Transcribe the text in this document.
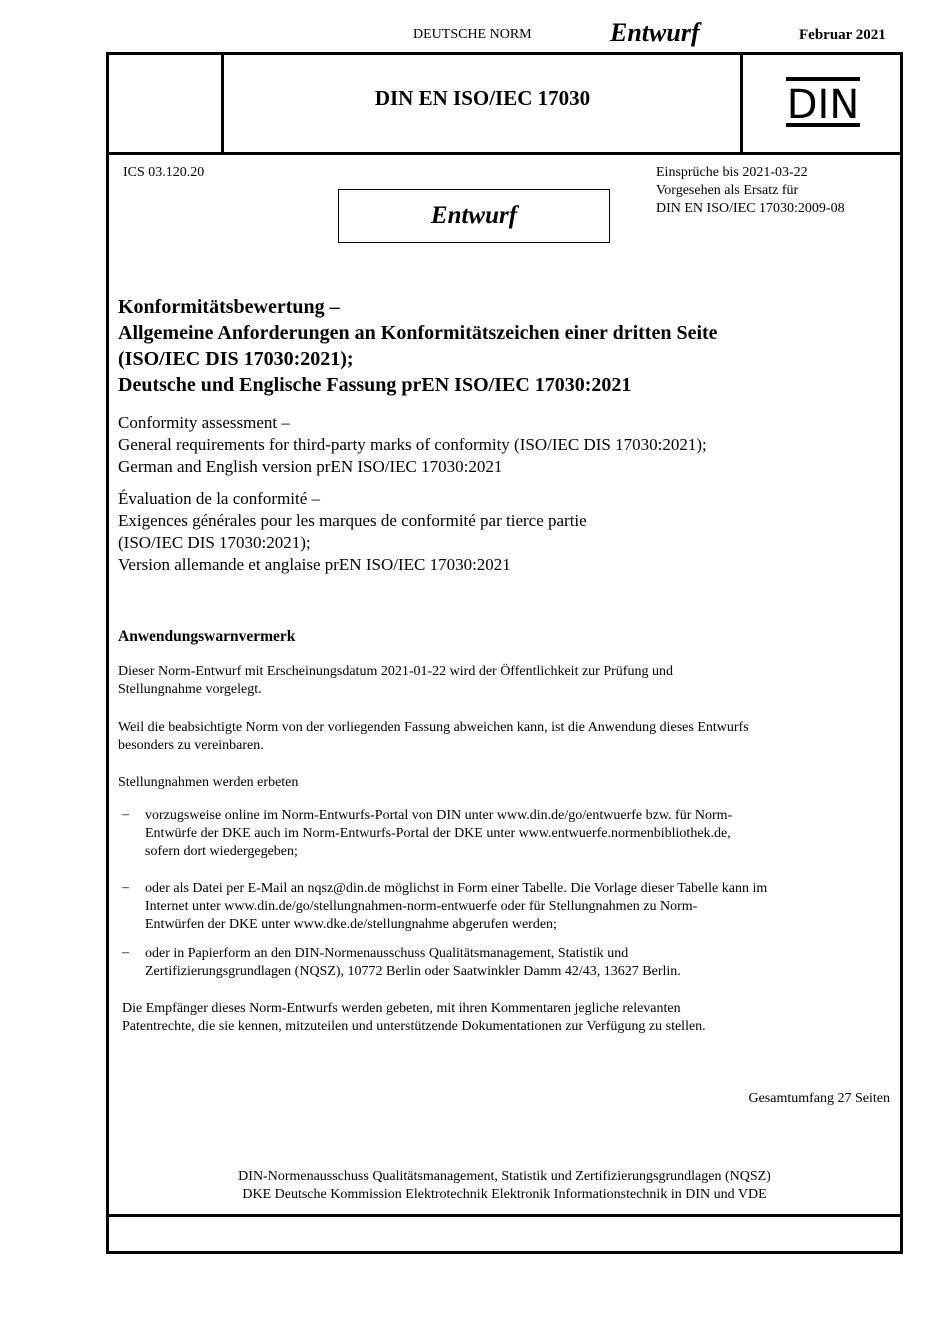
DEUTSCHE NORM	Entwurf	Februar 2021
DIN EN ISO/IEC 17030	DIN
ICS 03.120.20
Entwurf
Einsprüche bis 2021-03-22
Vorgesehen als Ersatz für
DIN EN ISO/IEC 17030:2009-08
Konformitätsbewertung –
Allgemeine Anforderungen an Konformitätszeichen einer dritten Seite
(ISO/IEC DIS 17030:2021);
Deutsche und Englische Fassung prEN ISO/IEC 17030:2021
Conformity assessment –
General requirements for third-party marks of conformity (ISO/IEC DIS 17030:2021);
German and English version prEN ISO/IEC 17030:2021
Évaluation de la conformité –
Exigences générales pour les marques de conformité par tierce partie
(ISO/IEC DIS 17030:2021);
Version allemande et anglaise prEN ISO/IEC 17030:2021
Anwendungswarnvermerk
Dieser Norm-Entwurf mit Erscheinungsdatum 2021-01-22 wird der Öffentlichkeit zur Prüfung und
Stellungnahme vorgelegt.
Weil die beabsichtigte Norm von der vorliegenden Fassung abweichen kann, ist die Anwendung dieses Entwurfs
besonders zu vereinbaren.
Stellungnahmen werden erbeten
– vorzugsweise online im Norm-Entwurfs-Portal von DIN unter www.din.de/go/entwuerfe bzw. für Norm-
Entwürfe der DKE auch im Norm-Entwurfs-Portal der DKE unter www.entwuerfe.normenbibliothek.de,
sofern dort wiedergegeben;
– oder als Datei per E-Mail an nqsz@din.de möglichst in Form einer Tabelle. Die Vorlage dieser Tabelle kann im
Internet unter www.din.de/go/stellungnahmen-norm-entwuerfe oder für Stellungnahmen zu Norm-
Entwürfen der DKE unter www.dke.de/stellungnahme abgerufen werden;
– oder in Papierform an den DIN-Normenausschuss Qualitätsmanagement, Statistik und
Zertifizierungsgrundlagen (NQSZ), 10772 Berlin oder Saatwinkler Damm 42/43, 13627 Berlin.
Die Empfänger dieses Norm-Entwurfs werden gebeten, mit ihren Kommentaren jegliche relevanten
Patentrechte, die sie kennen, mitzuteilen und unterstützende Dokumentationen zur Verfügung zu stellen.
Gesamtumfang 27 Seiten
DIN-Normenausschuss Qualitätsmanagement, Statistik und Zertifizierungsgrundlagen (NQSZ)
DKE Deutsche Kommission Elektrotechnik Elektronik Informationstechnik in DIN und VDE
